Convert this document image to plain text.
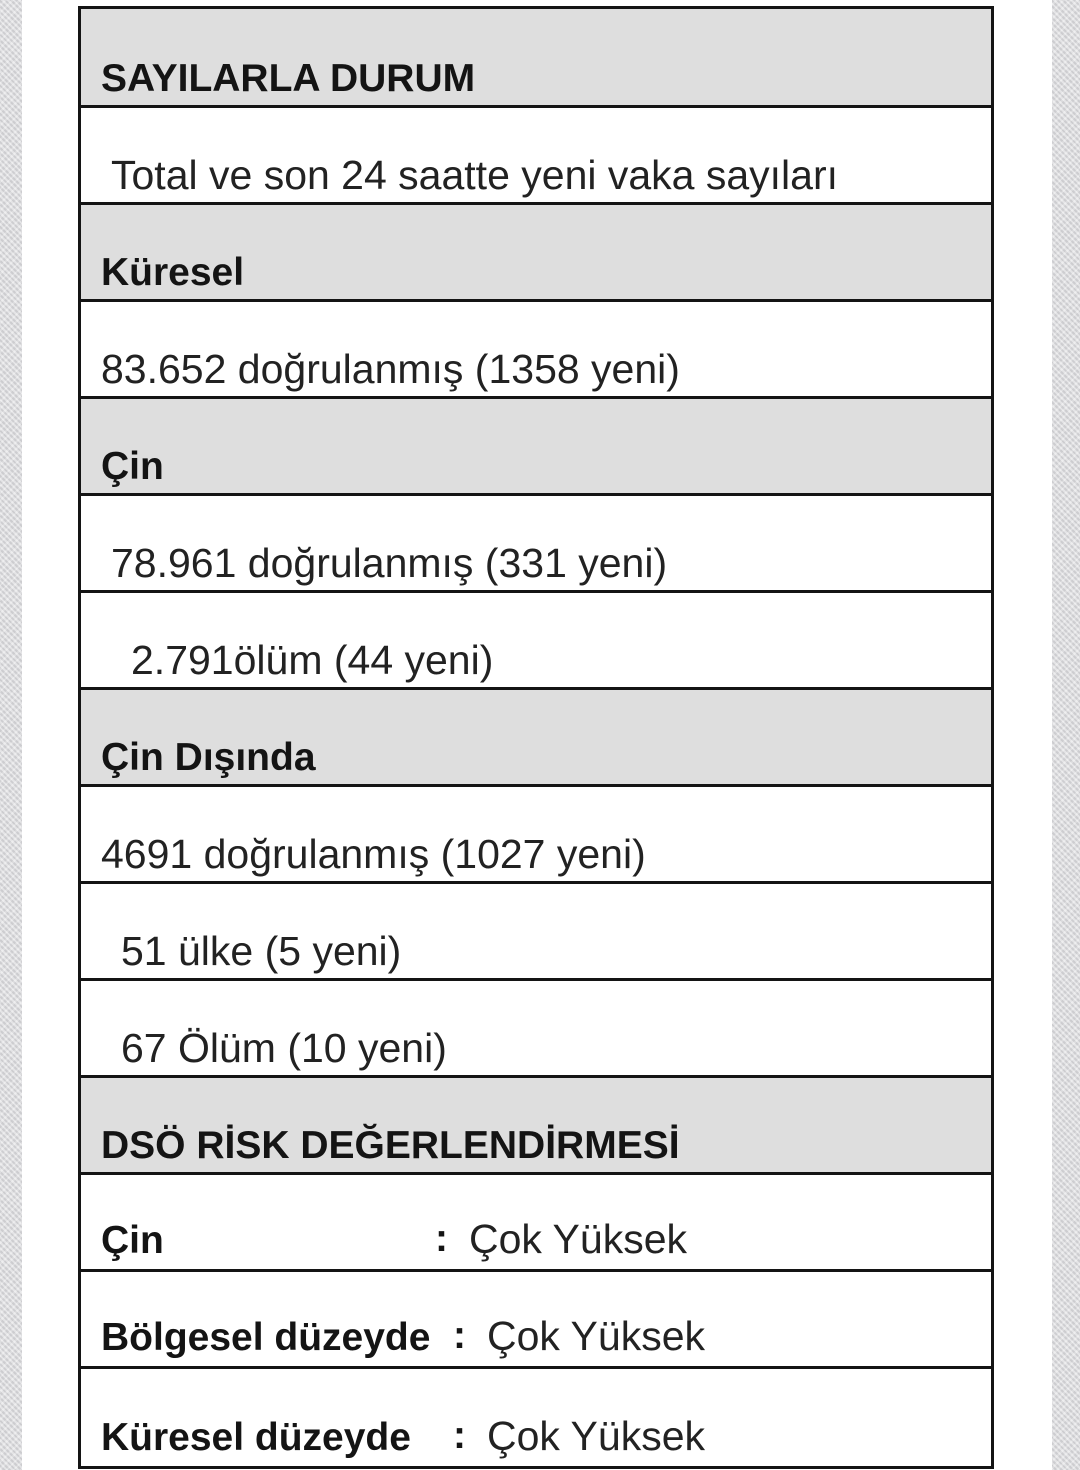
SAYILARLA DURUM
Total ve son 24 saatte yeni vaka sayıları
Küresel
83.652 doğrulanmış (1358 yeni)
Çin
78.961 doğrulanmış (331 yeni)
2.791ölüm (44 yeni)
Çin Dışında
4691 doğrulanmış (1027 yeni)
51 ülke (5 yeni)
67 Ölüm (10 yeni)
DSÖ RİSK DEĞERLENDİRMESİ
Çin	: Çok Yüksek
Bölgesel düzeyde : Çok Yüksek
Küresel düzeyde : Çok Yüksek
